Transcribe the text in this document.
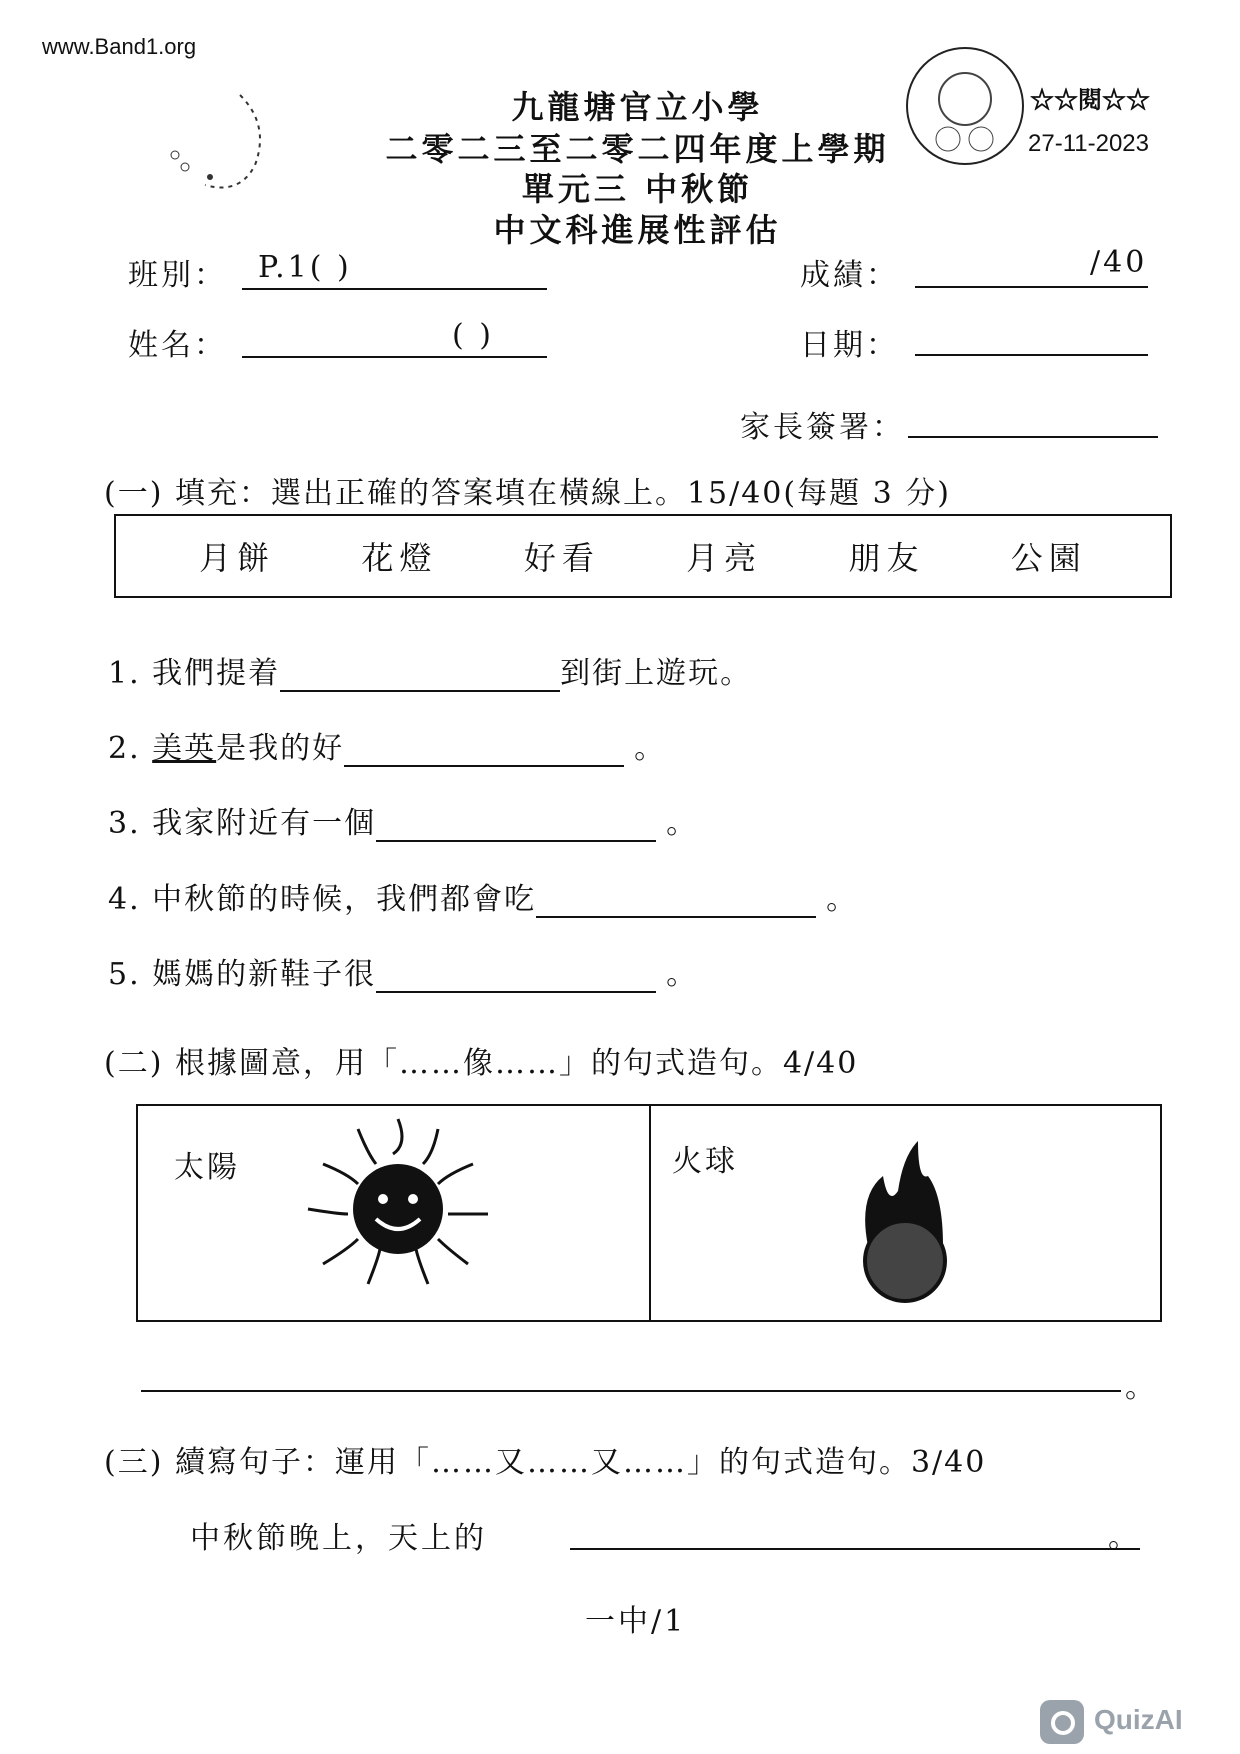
www.Band1.org
九龍塘官立小學
二零二三至二零二四年度上學期
單元三 中秋節
中文科進展性評估
☆☆閱☆☆
27-11-2023
班別： P.1( )	成績：	/40
姓名：	( )	日期：
家長簽署：
(一) 填充：選出正確的答案填在橫線上。15/40(每題 3 分)
月餅	花燈	好看	月亮	朋友	公園
1. 我們提着	到街上遊玩。
2. 美英是我的好	。
3. 我家附近有一個	。
4. 中秋節的時候，我們都會吃	。
5. 媽媽的新鞋子很	。
(二) 根據圖意，用「……像……」的句式造句。4/40
太陽	火球
。
(三) 續寫句子：運用「……又……又……」的句式造句。3/40
中秋節晚上，天上的	。
一中/1
QuizAI
